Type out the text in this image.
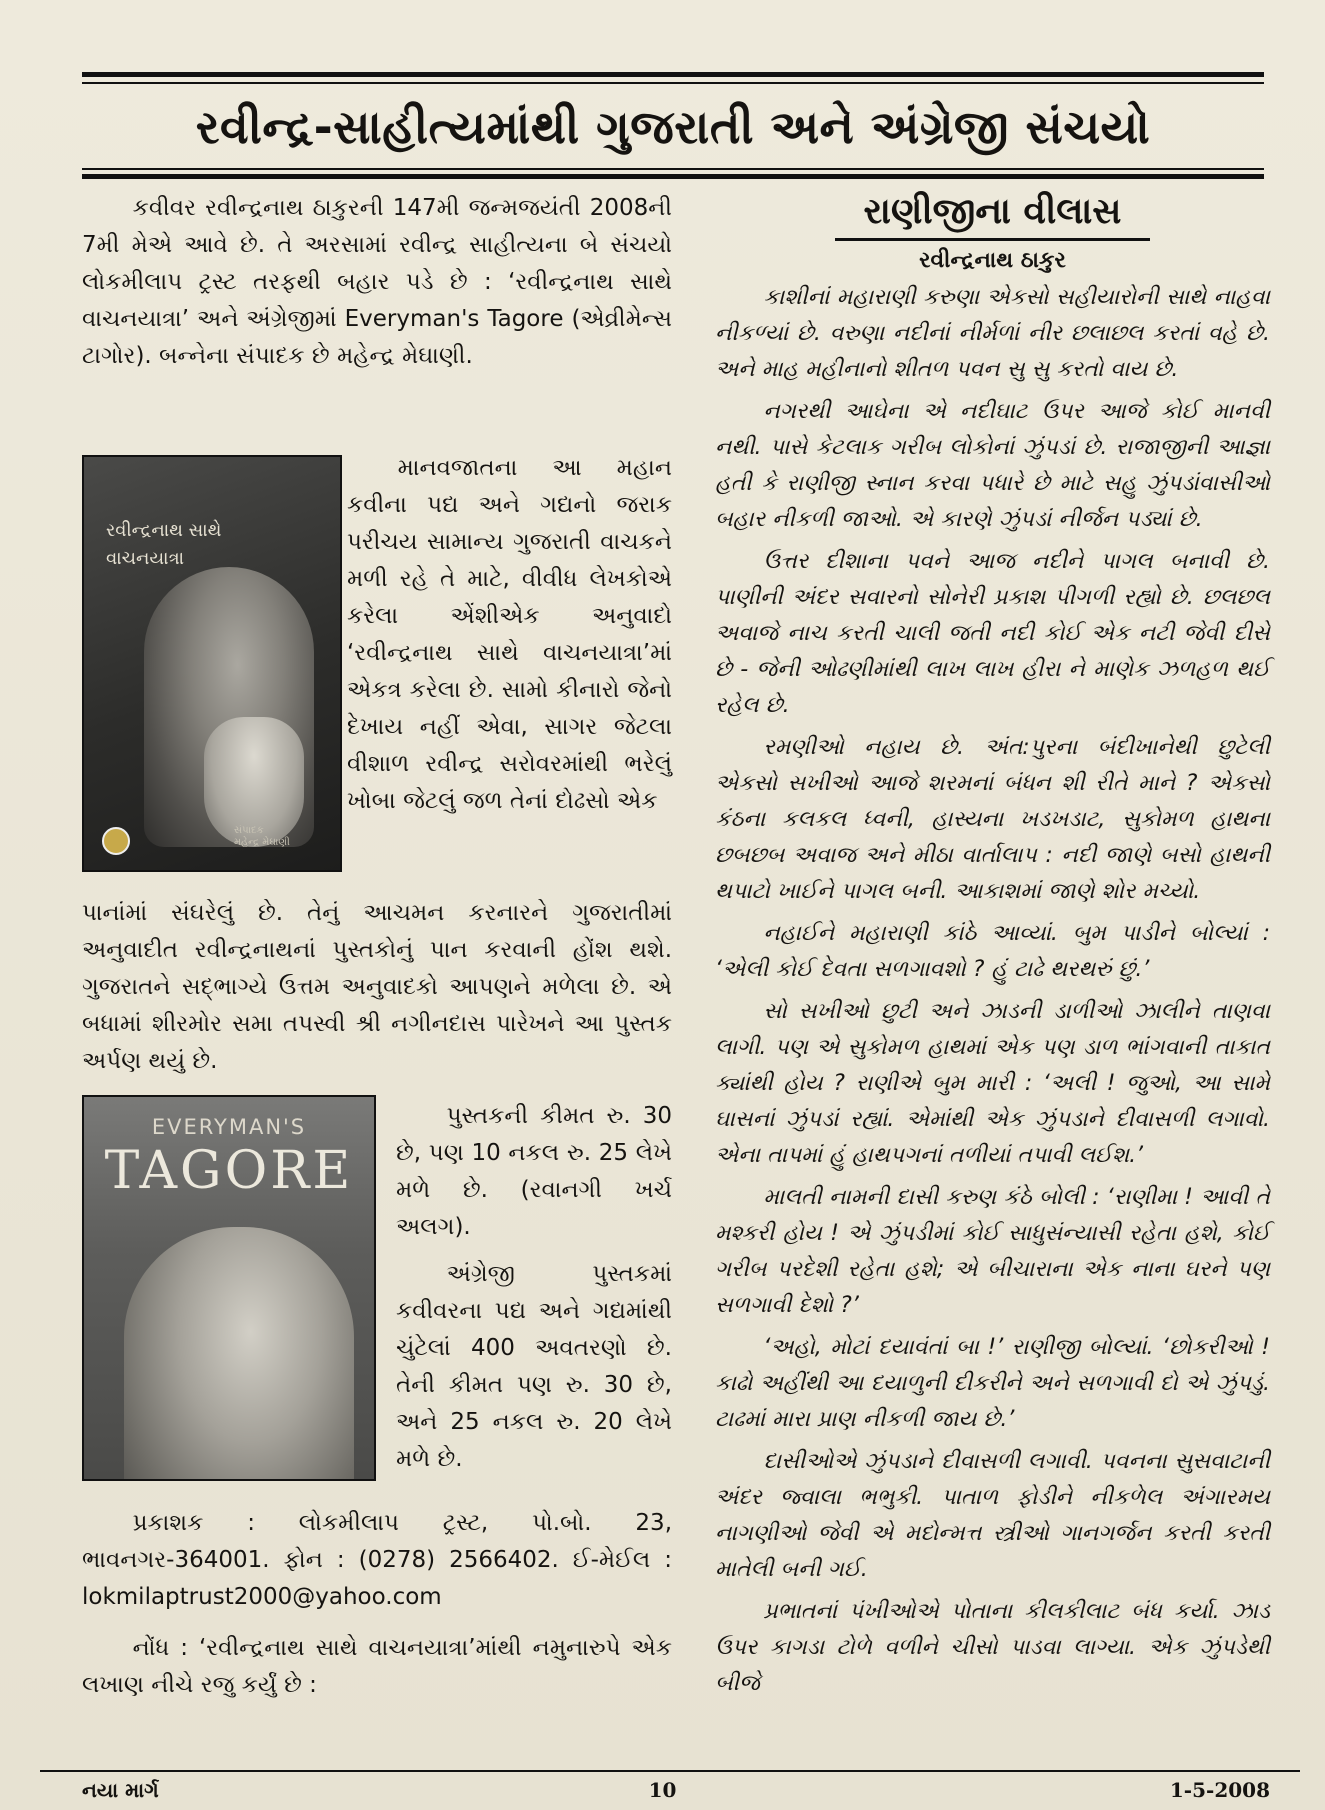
રવીન્દ્ર-સાહીત્યમાંથી ગુજરાતી અને અંગ્રેજી સંચયો

કવીવર રવીન્દ્રનાથ ઠાકુરની 147મી જન્મજયંતી 2008ની 7મી મેએ આવે છે. તે અરસામાં રવીન્દ્ર સાહીત્યના બે સંચયો લોકમીલાપ ટ્રસ્ટ તરફથી બહાર પડે છે : ‘રવીન્દ્રનાથ સાથે વાચનયાત્રા’ અને અંગ્રેજીમાં Everyman's Tagore (એવ્રીમેન્સ ટાગોર). બન્નેના સંપાદક છે મહેન્દ્ર મેઘાણી.

રવીન્દ્રનાથ સાથે
વાચનયાત્રા
સંપાદક
મહેન્દ્ર મેઘાણી

માનવજાતના આ મહાન કવીના પદ્ય અને ગદ્યનો જરાક પરીચય સામાન્ય ગુજરાતી વાચકને મળી રહે તે માટે, વીવીધ લેખકોએ કરેલા એંશીએક અનુવાદો ‘રવીન્દ્રનાથ સાથે વાચનયાત્રા’માં એકત્ર કરેલા છે. સામો કીનારો જેનો દેખાય નહીં એવા, સાગર જેટલા વીશાળ રવીન્દ્ર સરોવરમાંથી ભરેલું ખોબા જેટલું જળ તેનાં દોઢસો એક

પાનાંમાં સંઘરેલું છે. તેનું આચમન કરનારને ગુજરાતીમાં અનુવાદીત રવીન્દ્રનાથનાં પુસ્તકોનું પાન કરવાની હોંશ થશે. ગુજરાતને સદ્‌ભાગ્યે ઉત્તમ અનુવાદકો આપણને મળેલા છે. એ બધામાં શીરમોર સમા તપસ્વી શ્રી નગીનદાસ પારેખને આ પુસ્તક અર્પણ થયું છે.

EVERYMAN'S
TAGORE

પુસ્તકની કીમત રુ. 30 છે, પણ 10 નકલ રુ. 25 લેખે મળે છે. (રવાનગી ખર્ચ અલગ).

અંગ્રેજી પુસ્તકમાં કવીવરના પદ્ય અને ગદ્યમાંથી ચુંટેલાં 400 અવતરણો છે. તેની કીમત પણ રુ. 30 છે, અને 25 નકલ રુ. 20 લેખે મળે છે.

પ્રકાશક : લોકમીલાપ ટ્રસ્ટ, પો.બો. 23, ભાવનગર-364001. ફોન : (0278) 2566402. ઈ-મેઈલ : lokmilaptrust2000@yahoo.com

નોંધ : ‘રવીન્દ્રનાથ સાથે વાચનયાત્રા’માંથી નમુનારુપે એક લખાણ નીચે રજુ કર્યું છે :

રાણીજીના વીલાસ
રવીન્દ્રનાથ ઠાકુર

કાશીનાં મહારાણી કરુણા એકસો સહીયારોની સાથે નાહવા નીકળ્યાં છે. વરુણા નદીનાં નીર્મળાં નીર છલાછલ કરતાં વહે છે. અને માહ મહીનાનો શીતળ પવન સુ સુ કરતો વાય છે.

નગરથી આઘેના એ નદીઘાટ ઉપર આજે કોઈ માનવી નથી. પાસે કેટલાક ગરીબ લોકોનાં ઝુંપડાં છે. રાજાજીની આજ્ઞા હતી કે રાણીજી સ્નાન કરવા પધારે છે માટે સહુ ઝુંપડાંવાસીઓ બહાર નીકળી જાઓ. એ કારણે ઝુંપડાં નીર્જન પડ્યાં છે.

ઉત્તર દીશાના પવને આજ નદીને પાગલ બનાવી છે. પાણીની અંદર સવારનો સોનેરી પ્રકાશ પીગળી રહ્યો છે. છલછલ અવાજે નાચ કરતી ચાલી જતી નદી કોઈ એક નટી જેવી દીસે છે - જેની ઓઢણીમાંથી લાખ લાખ હીરા ને માણેક ઝળહળ થઈ રહેલ છે.

રમણીઓ નહાય છે. અંત:પુરના બંદીખાનેથી છુટેલી એકસો સખીઓ આજે શરમનાં બંધન શી રીતે માને ? એકસો કંઠના કલકલ ધ્વની, હાસ્યના ખડખડાટ, સુકોમળ હાથના છબછબ અવાજ અને મીઠા વાર્તાલાપ : નદી જાણે બસો હાથની થપાટો ખાઈને પાગલ બની. આકાશમાં જાણે શોર મચ્યો.

નહાઈને મહારાણી કાંઠે આવ્યાં. બુમ પાડીને બોલ્યાં : ‘એલી કોઈ દેવતા સળગાવશો ? હું ટાઢે થરથરું છું.’

સો સખીઓ છુટી અને ઝાડની ડાળીઓ ઝાલીને તાણવા લાગી. પણ એ સુકોમળ હાથમાં એક પણ ડાળ ભાંગવાની તાકાત ક્યાંથી હોય ? રાણીએ બુમ મારી : ‘અલી ! જુઓ, આ સામે ઘાસનાં ઝુંપડાં રહ્યાં. એમાંથી એક ઝુંપડાને દીવાસળી લગાવો. એના તાપમાં હું હાથપગનાં તળીયાં તપાવી લઈશ.’

માલતી નામની દાસી કરુણ કંઠે બોલી : ‘રાણીમા ! આવી તે મશ્કરી હોય ! એ ઝુંપડીમાં કોઈ સાધુસંન્યાસી રહેતા હશે, કોઈ ગરીબ પરદેશી રહેતા હશે; એ બીચારાના એક નાના ઘરને પણ સળગાવી દેશો ?’

‘અહો, મોટાં દયાવંતાં બા !’ રાણીજી બોલ્યાં. ‘છોકરીઓ ! કાઢો અહીંથી આ દયાળુની દીકરીને અને સળગાવી દો એ ઝુંપડું. ટાઢમાં મારા પ્રાણ નીકળી જાય છે.’

દાસીઓએ ઝુંપડાને દીવાસળી લગાવી. પવનના સુસવાટાની અંદર જ્વાલા ભભુકી. પાતાળ ફોડીને નીકળેલ અંગારમય નાગણીઓ જેવી એ મદોન્મત્ત સ્ત્રીઓ ગાનગર્જન કરતી કરતી માતેલી બની ગઈ.

પ્રભાતનાં પંખીઓએ પોતાના કીલકીલાટ બંધ કર્યા. ઝાડ ઉપર કાગડા ટોળે વળીને ચીસો પાડવા લાગ્યા. એક ઝુંપડેથી બીજે

નયા માર્ગ	10	1-5-2008
